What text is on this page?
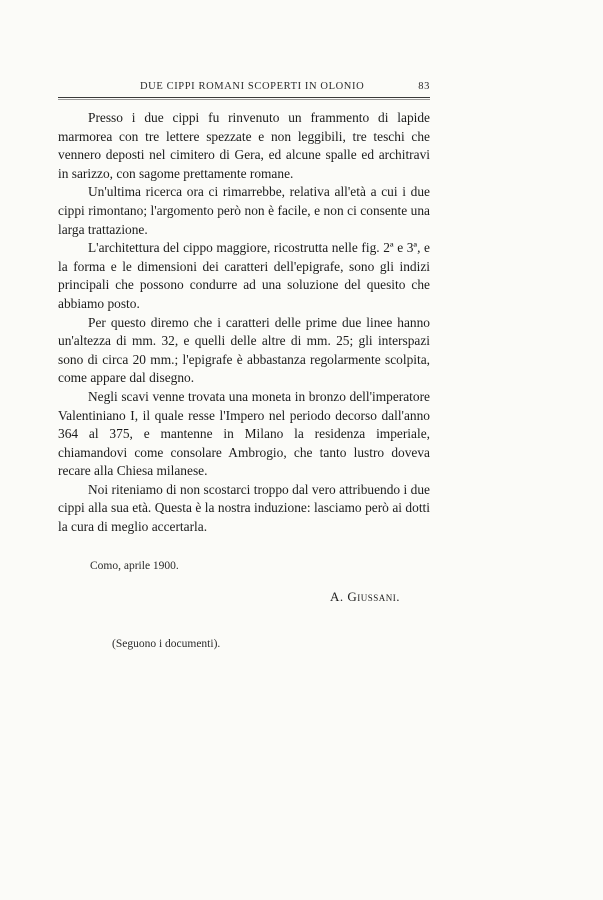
DUE CIPPI ROMANI SCOPERTI IN OLONIO	83

Presso i due cippi fu rinvenuto un frammento di lapide marmorea con tre lettere spezzate e non leggibili, tre teschi che vennero deposti nel cimitero di Gera, ed alcune spalle ed architravi in sarizzo, con sagome prettamente romane.

Un'ultima ricerca ora ci rimarrebbe, relativa all'età a cui i due cippi rimontano; l'argomento però non è facile, e non ci consente una larga trattazione.

L'architettura del cippo maggiore, ricostrutta nelle fig. 2ª e 3ª, e la forma e le dimensioni dei caratteri dell'epigrafe, sono gli indizi principali che possono condurre ad una soluzione del quesito che abbiamo posto.

Per questo diremo che i caratteri delle prime due linee hanno un'altezza di mm. 32, e quelli delle altre di mm. 25; gli interspazi sono di circa 20 mm.; l'epigrafe è abbastanza regolarmente scolpita, come appare dal disegno.

Negli scavi venne trovata una moneta in bronzo dell'imperatore Valentiniano I, il quale resse l'Impero nel periodo decorso dall'anno 364 al 375, e mantenne in Milano la residenza imperiale, chiamandovi come consolare Ambrogio, che tanto lustro doveva recare alla Chiesa milanese.

Noi riteniamo di non scostarci troppo dal vero attribuendo i due cippi alla sua età. Questa è la nostra induzione: lasciamo però ai dotti la cura di meglio accertarla.

Como, aprile 1900.
A. Giussani.
(Seguono i documenti).
